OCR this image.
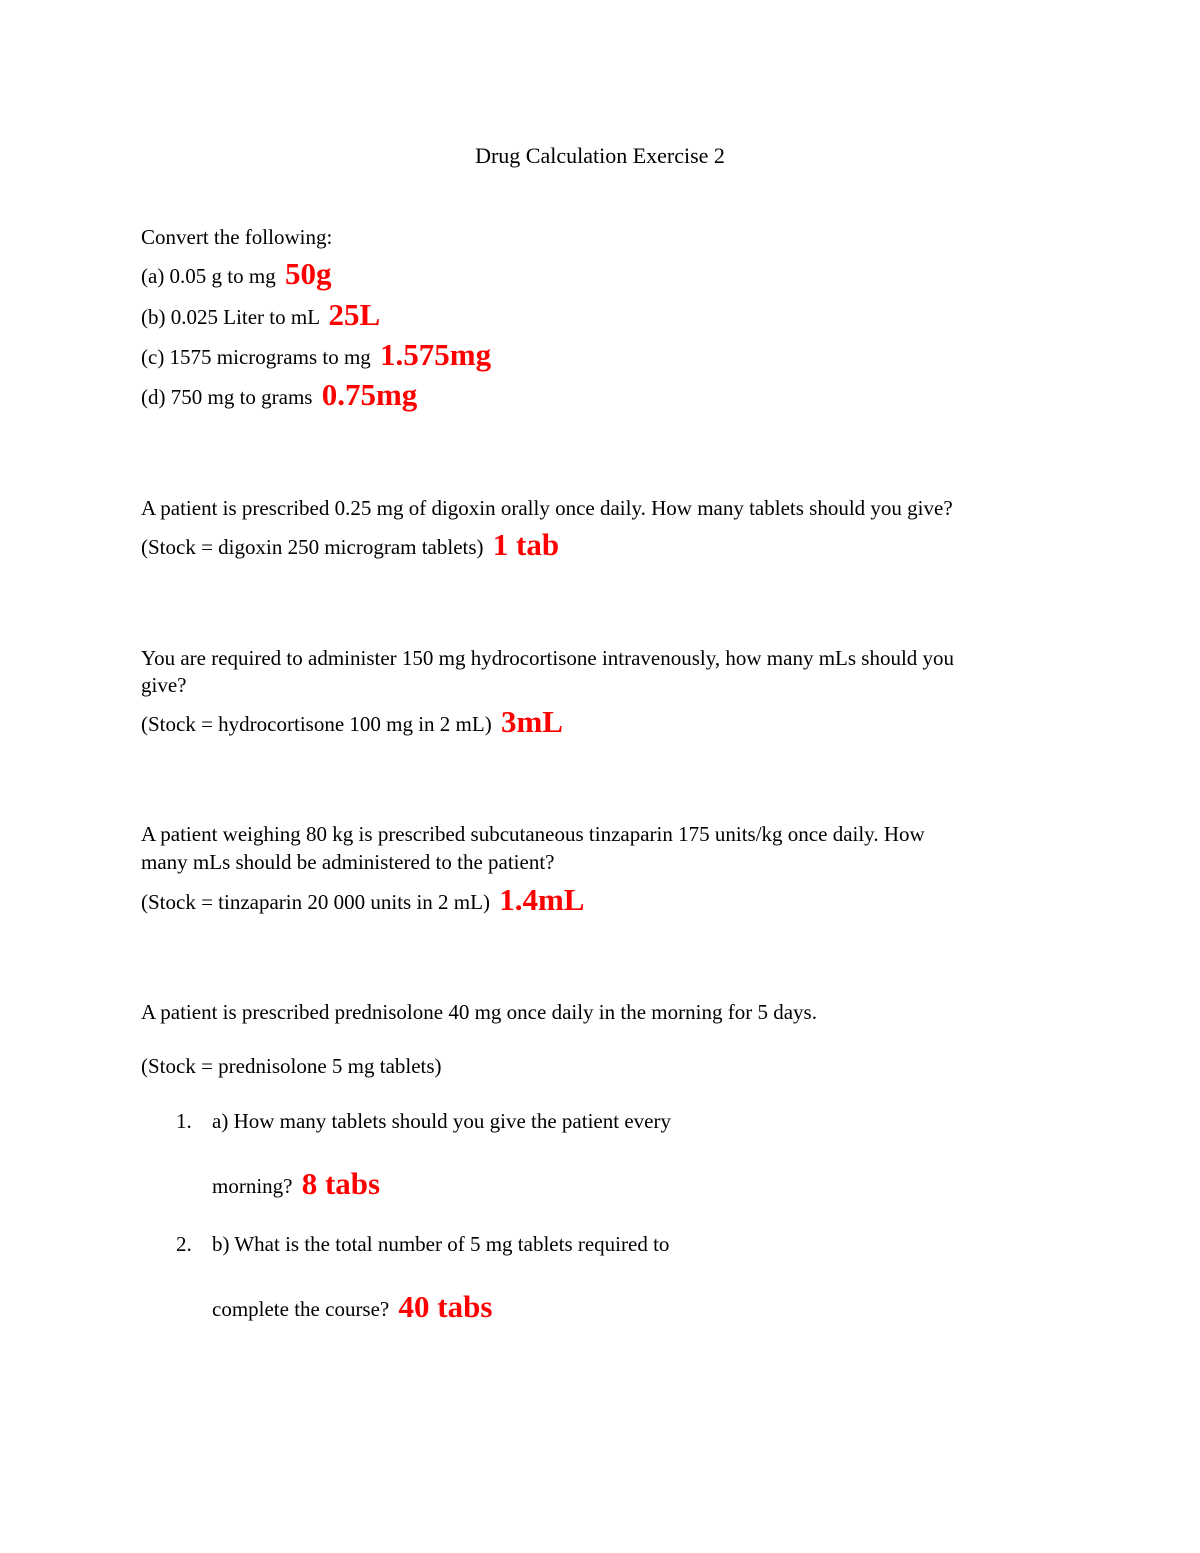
Drug Calculation Exercise 2
Convert the following:
(a) 0.05 g to mg 50g
(b) 0.025 Liter to mL 25L
(c) 1575 micrograms to mg 1.575mg
(d) 750 mg to grams 0.75mg
A patient is prescribed 0.25 mg of digoxin orally once daily. How many tablets should you give?
(Stock = digoxin 250 microgram tablets) 1 tab
You are required to administer 150 mg hydrocortisone intravenously, how many mLs should you
give?
(Stock = hydrocortisone 100 mg in 2 mL) 3mL
A patient weighing 80 kg is prescribed subcutaneous tinzaparin 175 units/kg once daily. How
many mLs should be administered to the patient?
(Stock = tinzaparin 20 000 units in 2 mL) 1.4mL
A patient is prescribed prednisolone 40 mg once daily in the morning for 5 days.
(Stock = prednisolone 5 mg tablets)
1. a) How many tablets should you give the patient every
morning? 8 tabs
2. b) What is the total number of 5 mg tablets required to
complete the course? 40 tabs
